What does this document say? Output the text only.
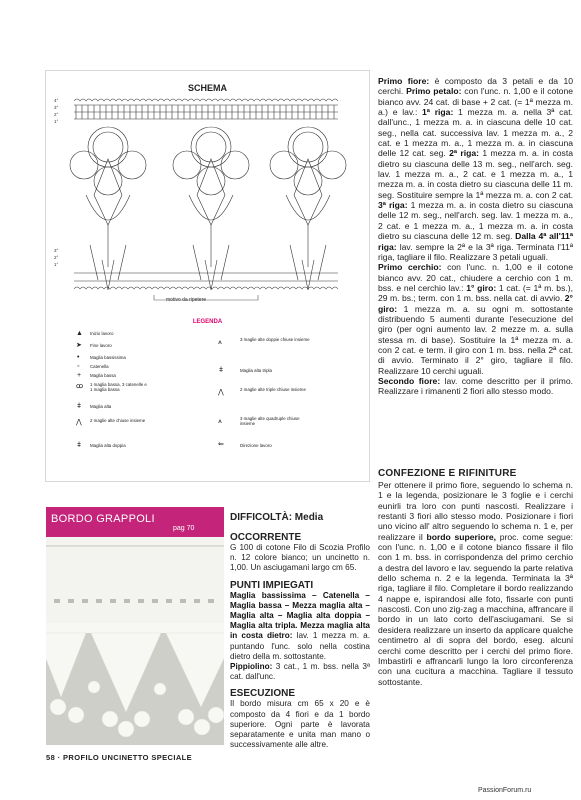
SCHEMA
4°
3°
2°
1°
3°
2°
1°
motivo da ripetere
LEGENDA
▲ Inizio lavoro
➤ Fine lavoro
• Maglia bassissima
◦ Catenella
+ Maglia bassa
ꝏ 1 maglia bassa, 3 catenelle e 1 maglia bassa
ǂ Maglia alta
⋀ 2 maglie alte chiuse insieme
ǂ Maglia alta doppia
⩚	3 maglie alte doppie chiuse insieme
ǂ	Maglia alta tripla
⋀	2 maglie alte triple chiuse insieme
⩚	3 maglie alte quadruple chiuse insieme
⇐	Direzione lavoro

Primo fiore: è composto da 3 petali e da 10 cerchi. Primo petalo: con l'unc. n. 1,00 e il cotone bianco avv. 24 cat. di base + 2 cat. (= 1ª mezza m. a.) e lav.: 1ª riga: 1 mezza m. a. nella 3ª cat. dall'unc., 1 mezza m. a. in ciascuna delle 10 cat. seg., nella cat. successiva lav. 1 mezza m. a., 2 cat. e 1 mezza m. a., 1 mezza m. a. in ciascuna delle 12 cat. seg. 2ª riga: 1 mezza m. a. in costa dietro su ciascuna delle 13 m. seg., nell'arch. seg. lav. 1 mezza m. a., 2 cat. e 1 mezza m. a., 1 mezza m. a. in costa dietro su ciascuna delle 11 m. seg. Sostituire sempre la 1ª mezza m. a. con 2 cat. 3ª riga: 1 mezza m. a. in costa dietro su ciascuna delle 12 m. seg., nell'arch. seg. lav. 1 mezza m. a., 2 cat. e 1 mezza m. a., 1 mezza m. a. in costa dietro su ciascuna delle 12 m. seg. Dalla 4ª all'11ª riga: lav. sempre la 2ª e la 3ª riga. Terminata l'11ª riga, tagliare il filo. Realizzare 3 petali uguali.

Primo cerchio: con l'unc. n. 1,00 e il cotone bianco avv. 20 cat., chiudere a cerchio con 1 m. bss. e nel cerchio lav.: 1° giro: 1 cat. (= 1ª m. bs.), 29 m. bs.; term. con 1 m. bss. nella cat. di avvio. 2° giro: 1 mezza m. a. su ogni m. sottostante distribuendo 5 aumenti durante l'esecuzione del giro (per ogni aumento lav. 2 mezze m. a. sulla stessa m. di base). Sostituire la 1ª mezza m. a. con 2 cat. e term. il giro con 1 m. bss. nella 2ª cat. di avvio. Terminato il 2° giro, tagliare il filo. Realizzare 10 cerchi uguali.

Secondo fiore: lav. come descritto per il primo. Realizzare i rimanenti 2 fiori allo stesso modo.

CONFEZIONE E RIFINITURE

Per ottenere il primo fiore, seguendo lo schema n. 1 e la legenda, posizionare le 3 foglie e i cerchi eunirli tra loro con punti nascosti. Realizzare i restanti 3 fiori allo stesso modo. Posizionare i fiori uno vicino all' altro seguendo lo schema n. 1 e, per realizzare il bordo superiore, proc. come segue: con l'unc. n. 1,00 e il cotone bianco fissare il filo con 1 m. bss. in corrispondenza del primo cerchio a destra del lavoro e lav. seguendo la parte relativa dello schema n. 2 e la legenda. Terminata la 3ª riga, tagliare il filo. Completare il bordo realizzando 4 nappe e, ispirandosi alle foto, fissarle con punti nascosti. Con uno zig-zag a macchina, affrancare il bordo in un lato corto dell'asciugamani. Se si desidera realizzare un inserto da applicare qualche centimetro al di sopra del bordo, eseg. alcuni cerchi come descritto per i cerchi del primo fiore. Imbastirli e affrancarli lungo la loro circonferenza con una cucitura a macchina. Tagliare il tessuto sottostante.

DIFFICOLTÀ: Media
OCCORRENTE

G 100 di cotone Filo di Scozia Profilo n. 12 colore bianco; un uncinetto n. 1,00. Un asciugamani largo cm 65.

PUNTI IMPIEGATI

Maglia bassissima – Catenella – Maglia bassa – Mezza maglia alta – Maglia alta – Maglia alta doppia – Maglia alta tripla. Mezza maglia alta in costa dietro: lav. 1 mezza m. a. puntando l'unc. solo nella costina dietro della m. sottostante.

Pippiolino: 3 cat., 1 m. bss. nella 3ª cat. dall'unc.

ESECUZIONE

Il bordo misura cm 65 x 20 e è composto da 4 fiori e da 1 bordo superiore. Ogni parte è lavorata separatamente e unita man mano o successivamente alle altre.

BORDO GRAPPOLI
pag 70
58 · PROFILO UNCINETTO SPECIALE
PassionForum.ru
